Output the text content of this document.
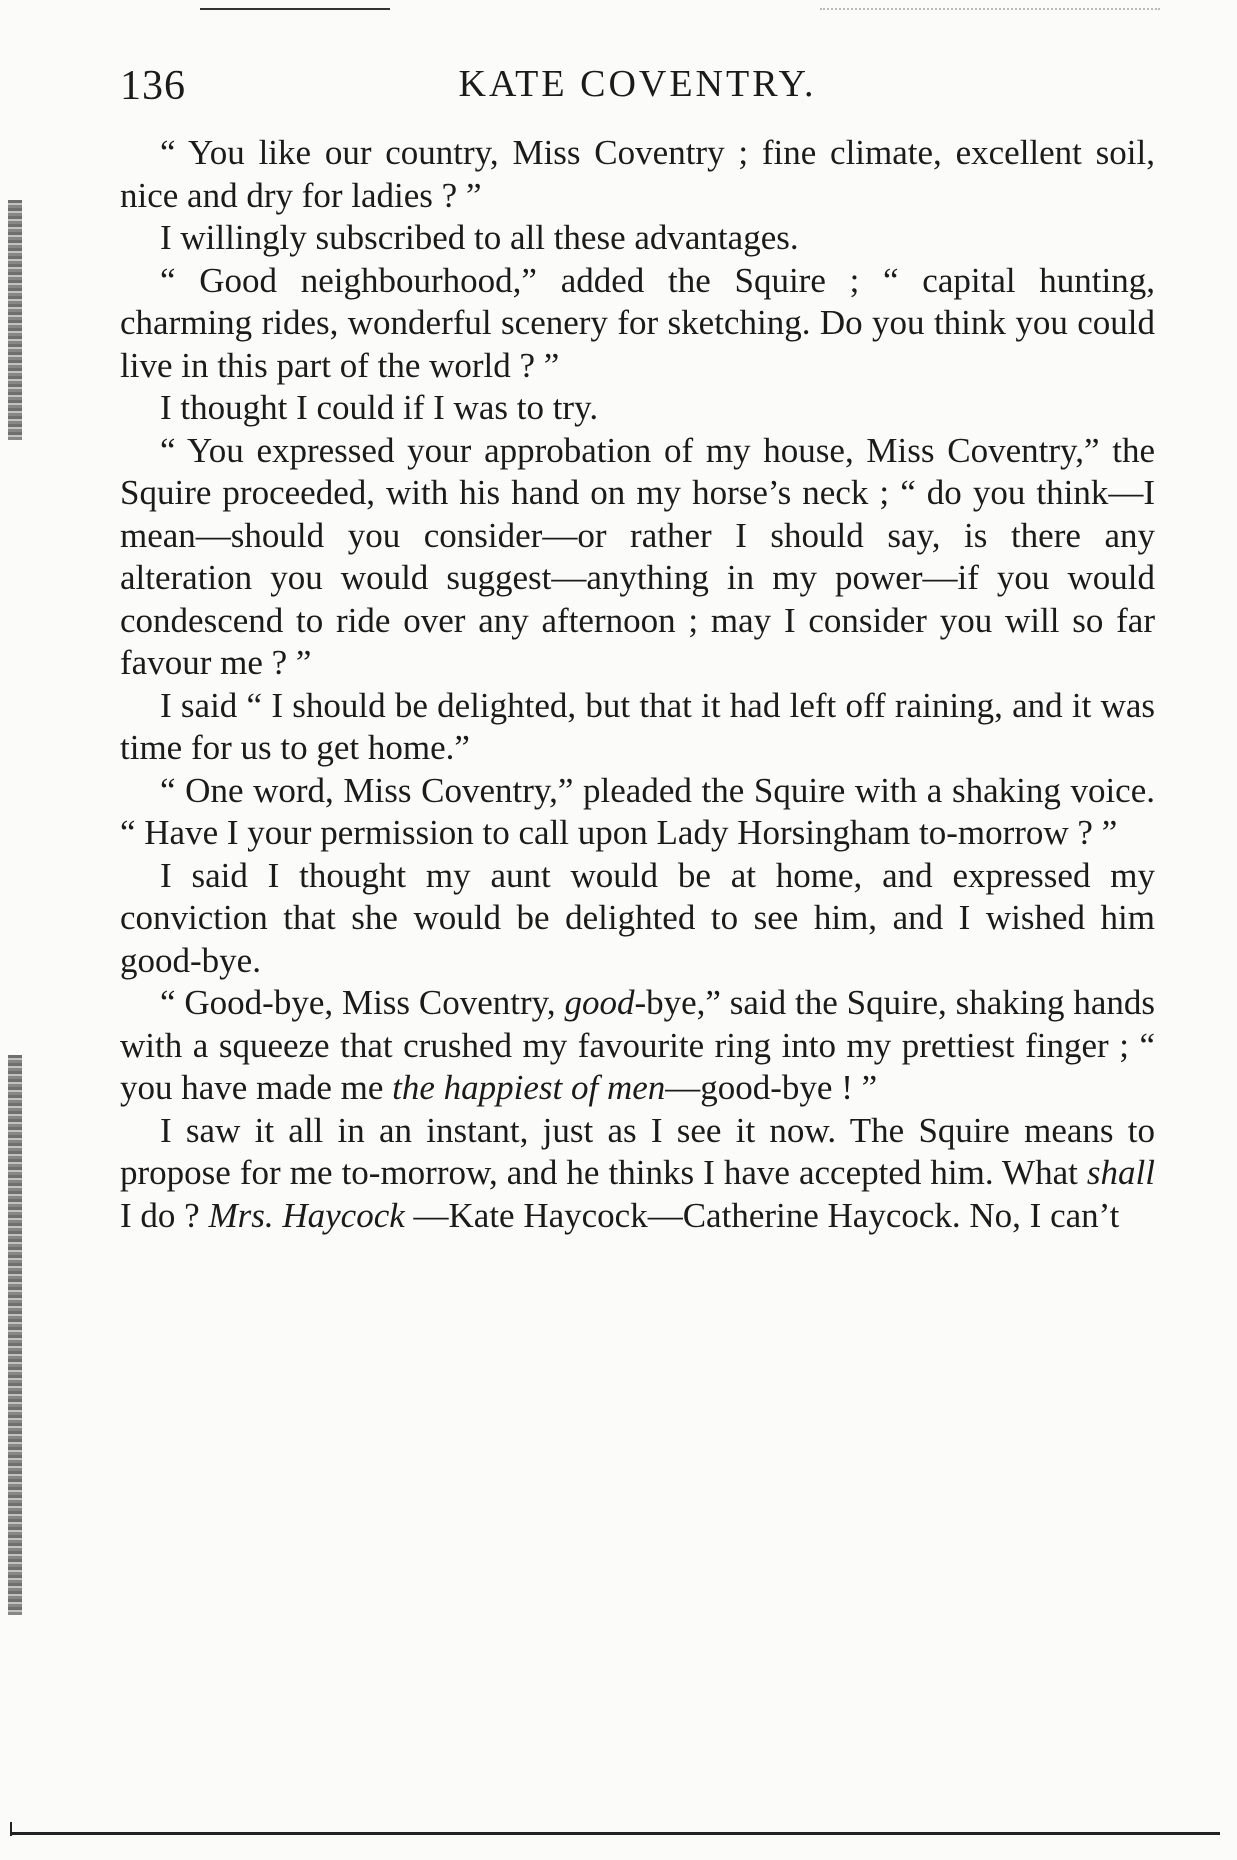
136	KATE COVENTRY.

“ You like our country, Miss Coventry ; fine climate, excellent soil, nice and dry for ladies ? ”

I willingly subscribed to all these advantages.

“ Good neighbourhood,” added the Squire ; “ capital hunting, charming rides, wonderful scenery for sketching. Do you think you could live in this part of the world ? ”

I thought I could if I was to try.

“ You expressed your approbation of my house, Miss Coventry,” the Squire proceeded, with his hand on my horse’s neck ; “ do you think—I mean—should you consider—or rather I should say, is there any alteration you would suggest—anything in my power—if you would condescend to ride over any afternoon ; may I consider you will so far favour me ? ”

I said “ I should be delighted, but that it had left off raining, and it was time for us to get home.”

“ One word, Miss Coventry,” pleaded the Squire with a shaking voice. “ Have I your permission to call upon Lady Horsingham to-morrow ? ”

I said I thought my aunt would be at home, and expressed my conviction that she would be delighted to see him, and I wished him good-bye.

“ Good-bye, Miss Coventry, good-bye,” said the Squire, shaking hands with a squeeze that crushed my favourite ring into my prettiest finger ; “ you have made me the happiest of men—good-bye ! ”

I saw it all in an instant, just as I see it now. The Squire means to propose for me to-morrow, and he thinks I have accepted him. What shall I do ? Mrs. Haycock —Kate Haycock—Catherine Haycock. No, I can’t
